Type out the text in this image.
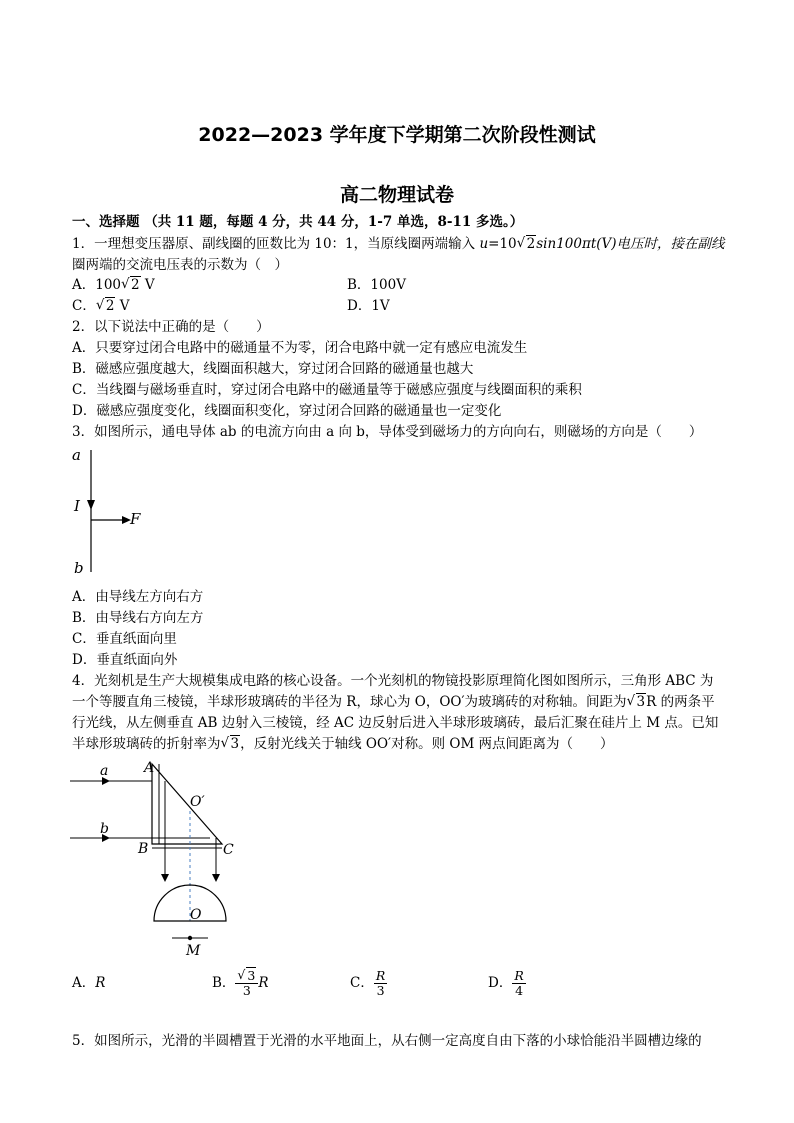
2022—2023 学年度下学期第二次阶段性测试
高二物理试卷
一、选择题 （共 11 题，每题 4 分，共 44 分，1-7 单选，8-11 多选。）
1．一理想变压器原、副线圈的匝数比为 10：1，当原线圈两端输入 u=10 √ 2sin100πt(V)电压时，接在副线
圈两端的交流电压表的示数为（　）
A．100 √ 2 V	B．100V
C． √ 2 V	D．1V
2．以下说法中正确的是（　　）
A．只要穿过闭合电路中的磁通量不为零，闭合电路中就一定有感应电流发生
B．磁感应强度越大，线圈面积越大，穿过闭合回路的磁通量也越大
C．当线圈与磁场垂直时，穿过闭合电路中的磁通量等于磁感应强度与线圈面积的乘积
D．磁感应强度变化，线圈面积变化，穿过闭合回路的磁通量也一定变化
3．如图所示，通电导体 ab 的电流方向由 a 向 b，导体受到磁场力的方向向右，则磁场的方向是（　　）
a
I
F
b
A．由导线左方向右方
B．由导线右方向左方
C．垂直纸面向里
D．垂直纸面向外
4．光刻机是生产大规模集成电路的核心设备。一个光刻机的物镜投影原理简化图如图所示，三角形 ABC 为
一个等腰直角三棱镜，半球形玻璃砖的半径为 R，球心为 O，OO′为玻璃砖的对称轴。间距为 √ 3R 的两条平
行光线，从左侧垂直 AB 边射入三棱镜，经 AC 边反射后进入半球形玻璃砖，最后汇聚在硅片上 M 点。已知
半球形玻璃砖的折射率为 √ 3，反射光线关于轴线 OO′对称。则 OM 两点间距离为（　　）
a
b
A
B	C
O′
O
M
A．R	B． √ $\frac{3}{3}$ R	C． $\frac{R}{3}$	D． $\frac{R}{4}$
5．如图所示，光滑的半圆槽置于光滑的水平地面上，从右侧一定高度自由下落的小球恰能沿半圆槽边缘的
